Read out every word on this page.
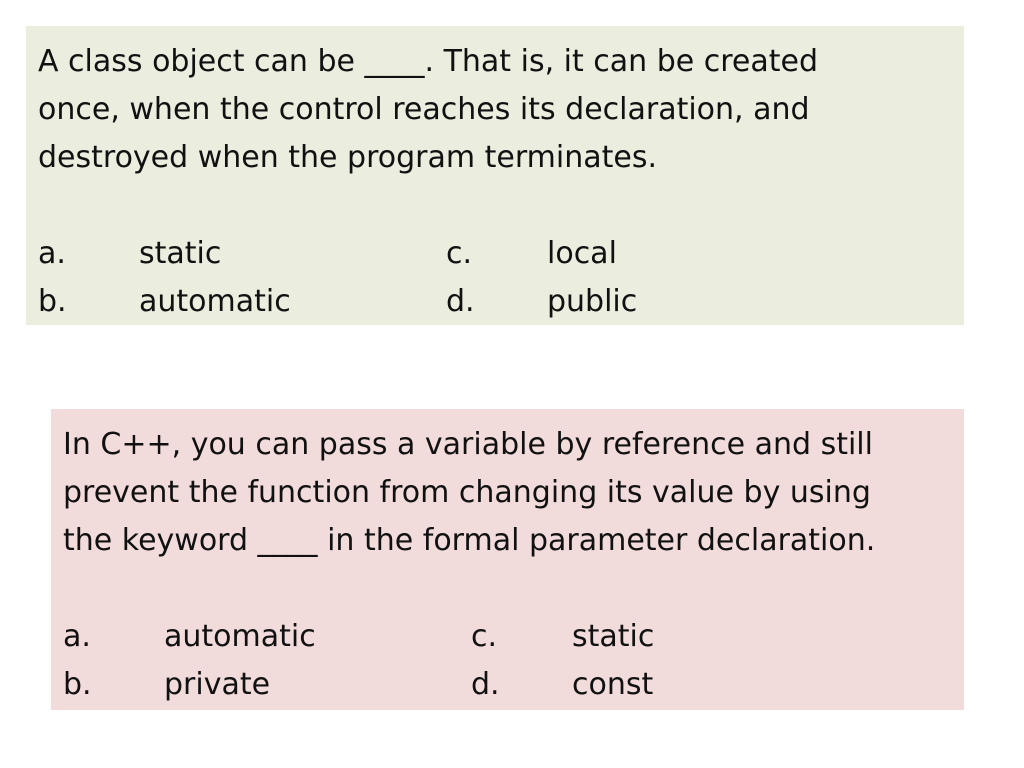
A class object can be ____. That is, it can be created
once, when the control reaches its declaration, and
destroyed when the program terminates.
a. static	c. local
b. automatic	d. public
In C++, you can pass a variable by reference and still
prevent the function from changing its value by using
the keyword ____ in the formal parameter declaration.
a. automatic	c. static
b. private	d. const
